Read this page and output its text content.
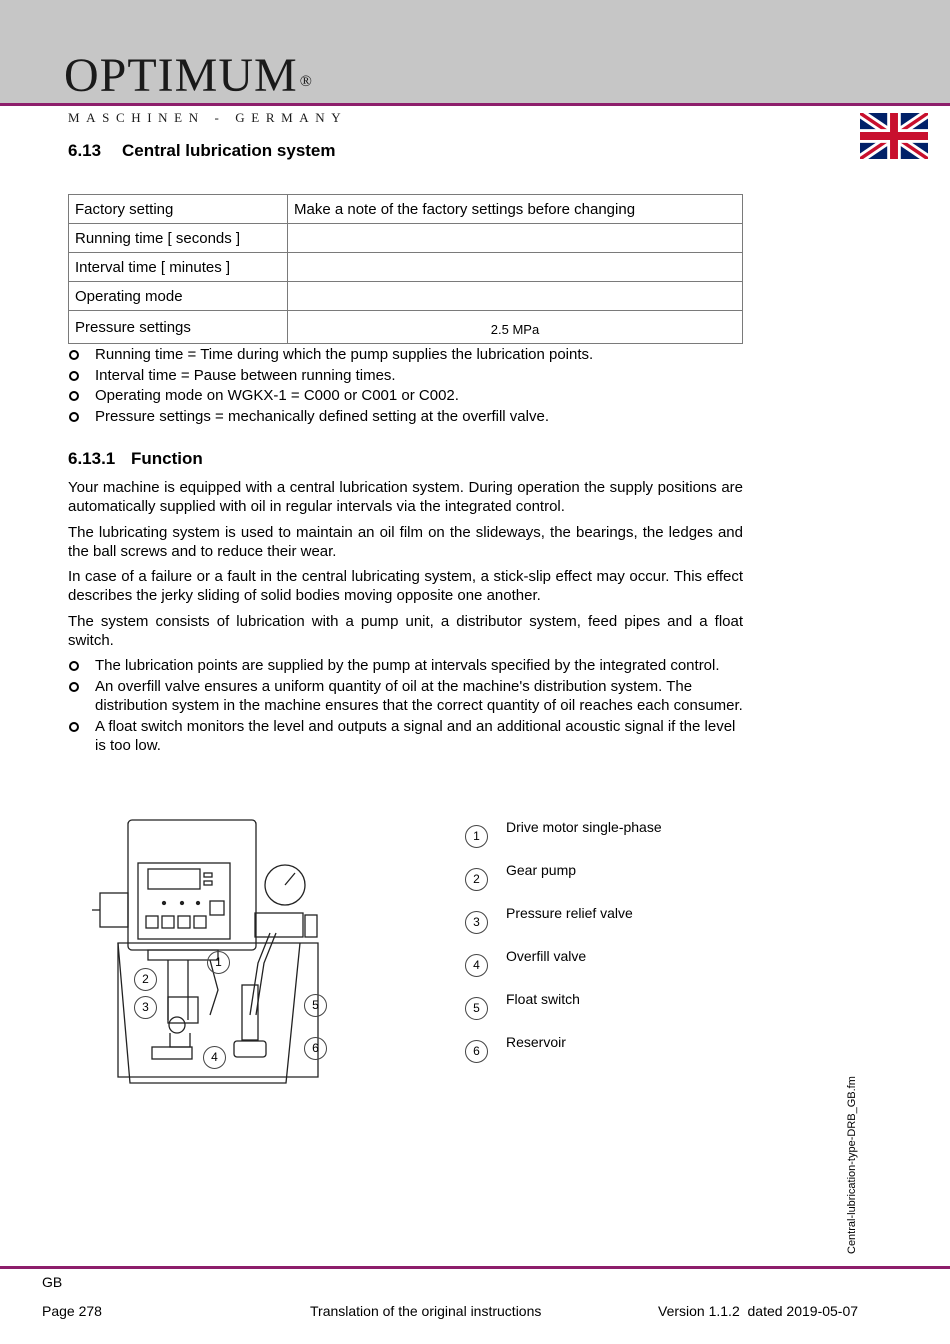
OPTIMUM ®
MASCHINEN - GERMANY
6.13 Central lubrication system
Factory setting	Make a note of the factory settings before changing
Running time [ seconds ]	
Interval time [ minutes ]	
Operating mode	
Pressure settings	2.5 MPa
Running time = Time during which the pump supplies the lubrication points.
Interval time = Pause between running times.
Operating mode on WGKX-1 = C000 or C001 or C002.
Pressure settings = mechanically defined setting at the overfill valve.
6.13.1 Function

Your machine is equipped with a central lubrication system. During operation the supply positions are automatically supplied with oil in regular intervals via the integrated control.

The lubricating system is used to maintain an oil film on the slideways, the bearings, the ledges and the ball screws and to reduce their wear.

In case of a failure or a fault in the central lubricating system, a stick-slip effect may occur. This effect describes the jerky sliding of solid bodies moving opposite one another.

The system consists of lubrication with a pump unit, a distributor system, feed pipes and a float switch.

The lubrication points are supplied by the pump at intervals specified by the integrated control.
An overfill valve ensures a uniform quantity of oil at the machine's distribution system. The distribution system in the machine ensures that the correct quantity of oil reaches each consumer.
A float switch monitors the level and outputs a signal and an additional acoustic signal if the level is too low.
1
2
3
4
5
6
1
Drive motor single-phase
2
Gear pump
3
Pressure relief valve
4
Overfill valve
5
Float switch
6
Reservoir
Central-lubrication-type-DRB_GB.fm
GB
Page 278	Translation of the original instructions	Version 1.1.2  dated 2019-05-07
